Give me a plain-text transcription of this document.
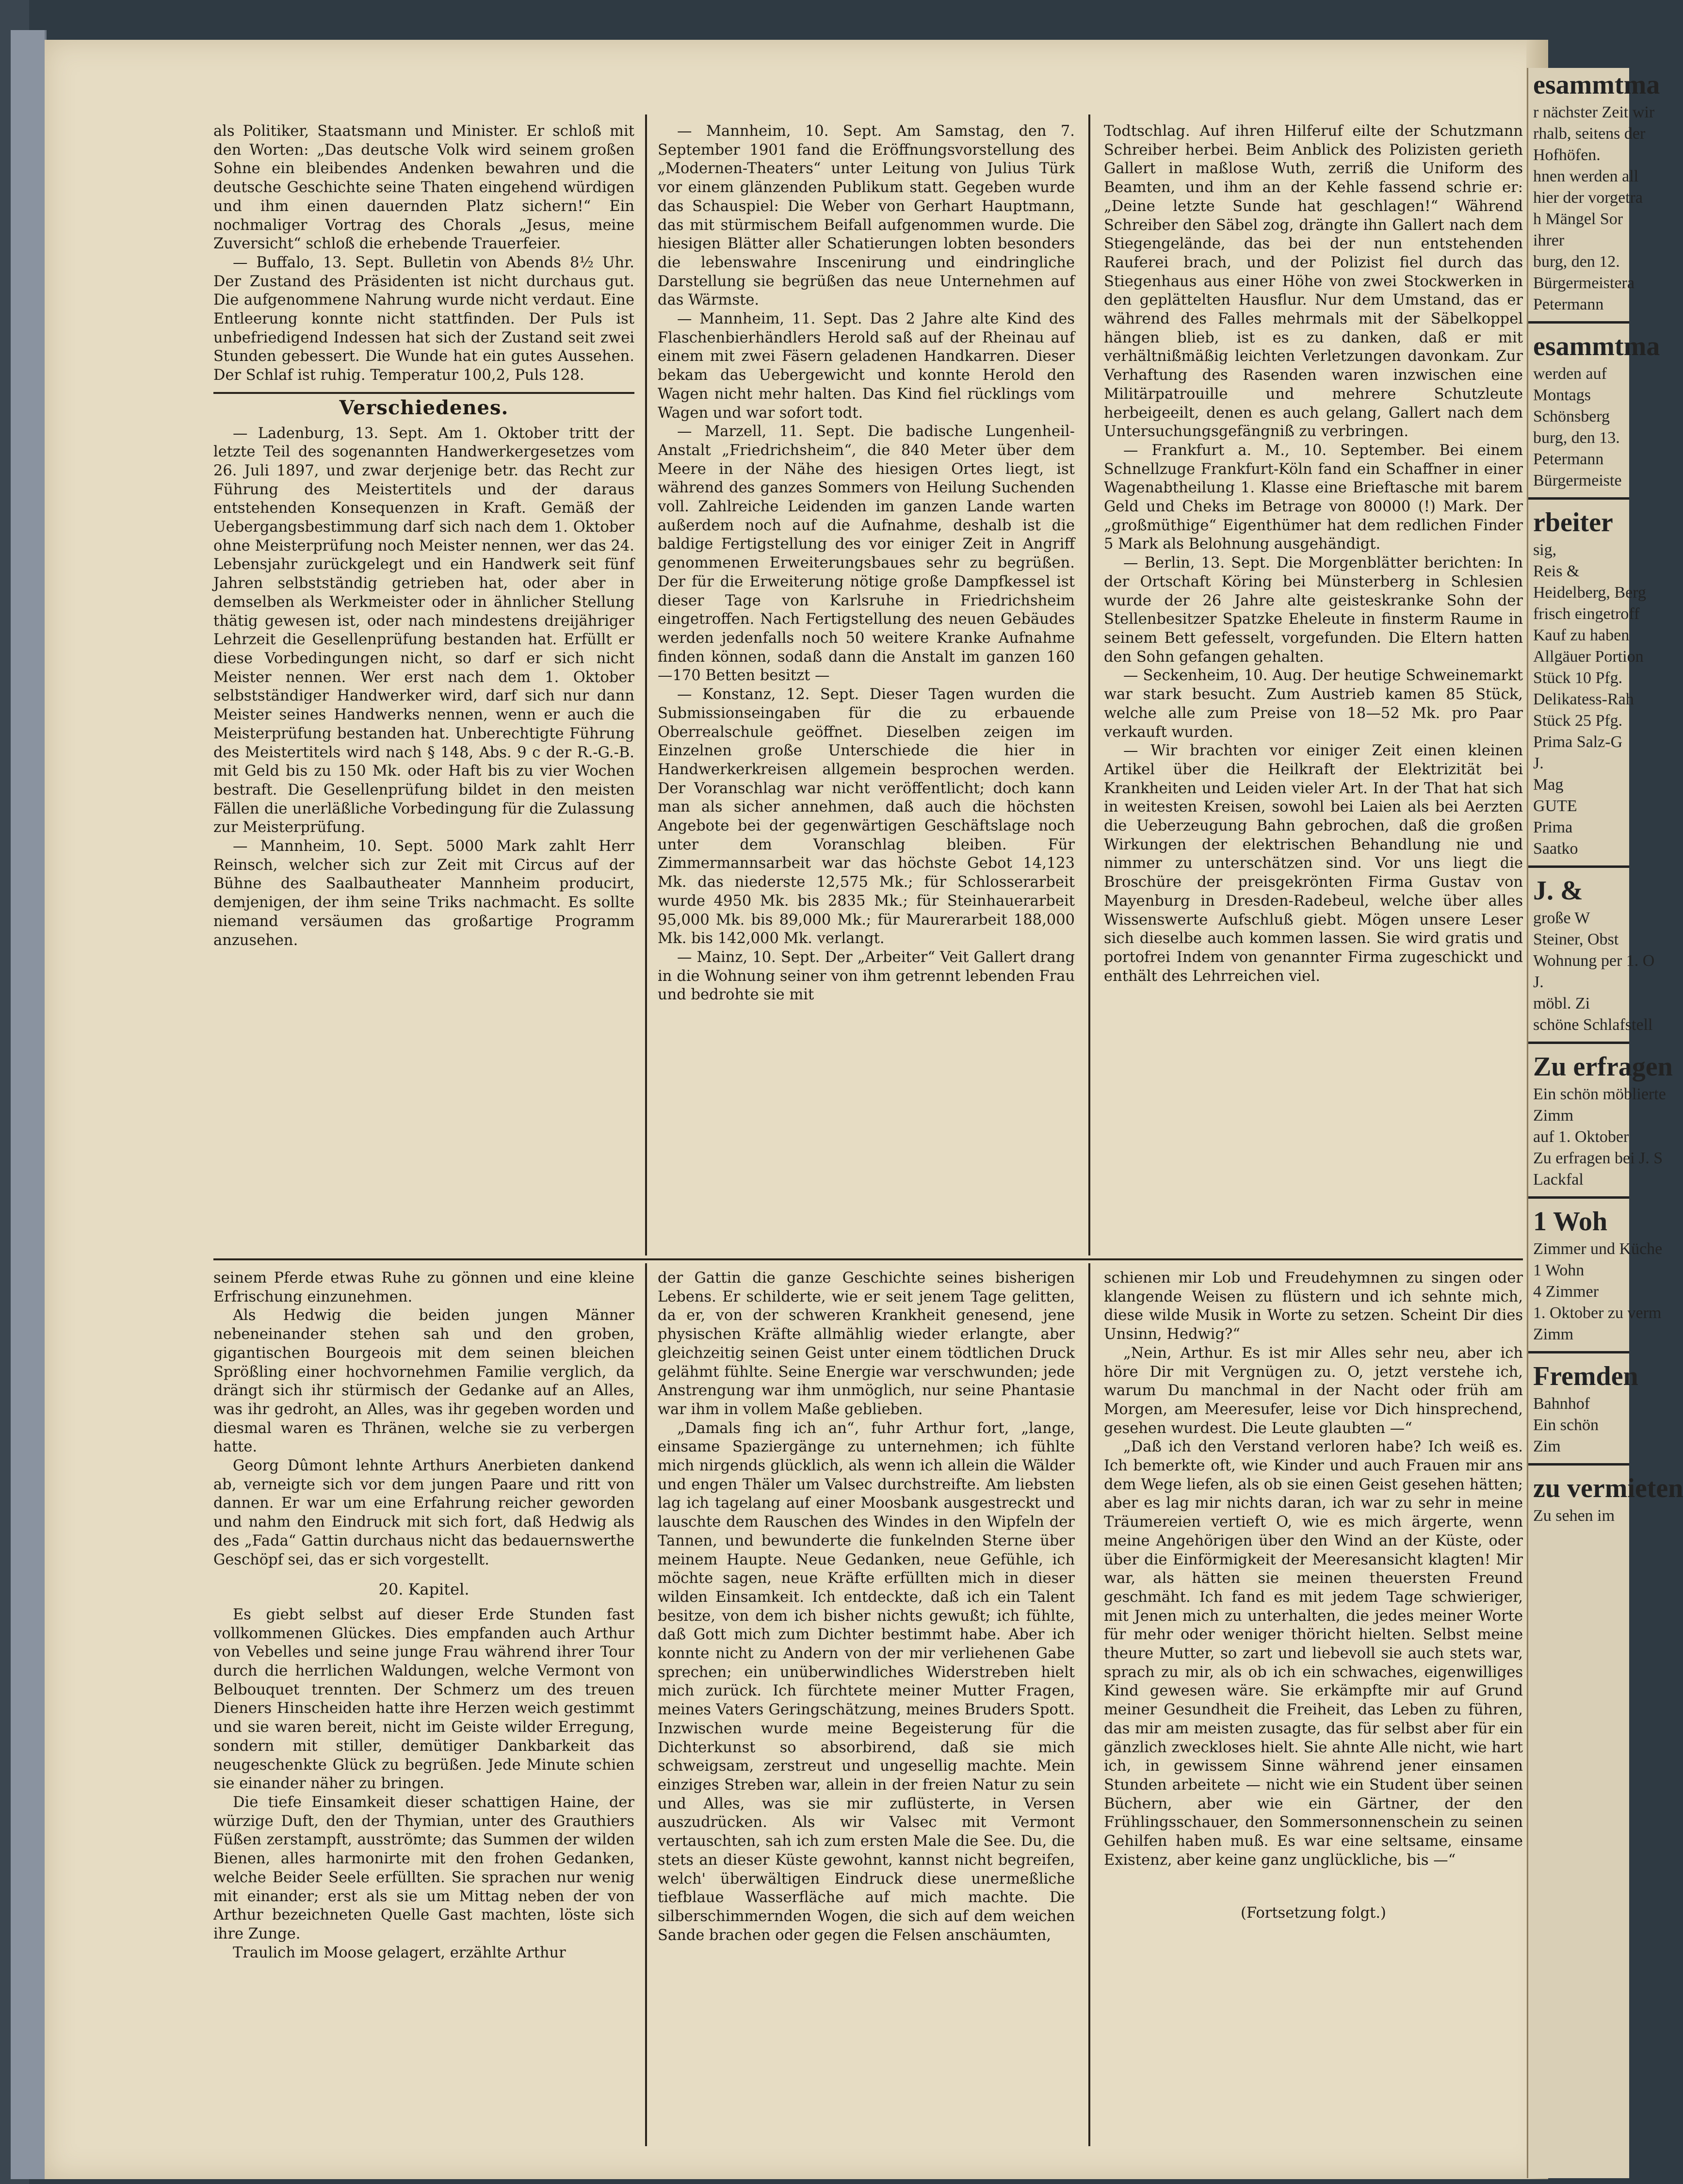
als Politiker, Staatsmann und Minister. Er schloß mit den Worten: „Das deutsche Volk wird seinem großen Sohne ein bleibendes Andenken bewahren und die deutsche Geschichte seine Thaten eingehend würdigen und ihm einen dauernden Platz sichern!“ Ein nochmaliger Vortrag des Chorals „Jesus, meine Zuversicht“ schloß die erhebende Trauerfeier.

— Buffalo, 13. Sept. Bulletin von Abends 8½ Uhr. Der Zustand des Präsidenten ist nicht durchaus gut. Die aufgenommene Nahrung wurde nicht verdaut. Eine Entleerung konnte nicht stattfinden. Der Puls ist unbefriedigend Indessen hat sich der Zustand seit zwei Stunden gebessert. Die Wunde hat ein gutes Aussehen. Der Schlaf ist ruhig. Temperatur 100,2, Puls 128.

Verschiedenes.

— Ladenburg, 13. Sept. Am 1. Oktober tritt der letzte Teil des sogenannten Handwerkergesetzes vom 26. Juli 1897, und zwar derjenige betr. das Recht zur Führung des Meistertitels und der daraus entstehenden Konsequenzen in Kraft. Gemäß der Uebergangsbestimmung darf sich nach dem 1. Oktober ohne Meisterprüfung noch Meister nennen, wer das 24. Lebensjahr zurückgelegt und ein Handwerk seit fünf Jahren selbstständig getrieben hat, oder aber in demselben als Werkmeister oder in ähnlicher Stellung thätig gewesen ist, oder nach mindestens dreijähriger Lehrzeit die Gesellenprüfung bestanden hat. Erfüllt er diese Vorbedingungen nicht, so darf er sich nicht Meister nennen. Wer erst nach dem 1. Oktober selbstständiger Handwerker wird, darf sich nur dann Meister seines Handwerks nennen, wenn er auch die Meisterprüfung bestanden hat. Unberechtigte Führung des Meistertitels wird nach § 148, Abs. 9 c der R.-G.-B. mit Geld bis zu 150 Mk. oder Haft bis zu vier Wochen bestraft. Die Gesellenprüfung bildet in den meisten Fällen die unerläßliche Vorbedingung für die Zulassung zur Meisterprüfung.

— Mannheim, 10. Sept. 5000 Mark zahlt Herr Reinsch, welcher sich zur Zeit mit Circus auf der Bühne des Saalbautheater Mannheim producirt, demjenigen, der ihm seine Triks nachmacht. Es sollte niemand versäumen das großartige Programm anzusehen.

— Mannheim, 10. Sept. Am Samstag, den 7. September 1901 fand die Eröffnungsvorstellung des „Modernen-Theaters“ unter Leitung von Julius Türk vor einem glänzenden Publikum statt. Gegeben wurde das Schauspiel: Die Weber von Gerhart Hauptmann, das mit stürmischem Beifall aufgenommen wurde. Die hiesigen Blätter aller Schatierungen lobten besonders die lebenswahre Inscenirung und eindringliche Darstellung sie begrüßen das neue Unternehmen auf das Wärmste.

— Mannheim, 11. Sept. Das 2 Jahre alte Kind des Flaschenbierhändlers Herold saß auf der Rheinau auf einem mit zwei Fäsern geladenen Handkarren. Dieser bekam das Uebergewicht und konnte Herold den Wagen nicht mehr halten. Das Kind fiel rücklings vom Wagen und war sofort todt.

— Marzell, 11. Sept. Die badische Lungenheil-Anstalt „Friedrichsheim“, die 840 Meter über dem Meere in der Nähe des hiesigen Ortes liegt, ist während des ganzes Sommers von Heilung Suchenden voll. Zahlreiche Leidenden im ganzen Lande warten außerdem noch auf die Aufnahme, deshalb ist die baldige Fertigstellung des vor einiger Zeit in Angriff genommenen Erweiterungsbaues sehr zu begrüßen. Der für die Erweiterung nötige große Dampfkessel ist dieser Tage von Karlsruhe in Friedrichsheim eingetroffen. Nach Fertigstellung des neuen Gebäudes werden jedenfalls noch 50 weitere Kranke Aufnahme finden können, sodaß dann die Anstalt im ganzen 160—170 Betten besitzt —

— Konstanz, 12. Sept. Dieser Tagen wurden die Submissionseingaben für die zu erbauende Oberrealschule geöffnet. Dieselben zeigen im Einzelnen große Unterschiede die hier in Handwerkerkreisen allgemein besprochen werden. Der Voranschlag war nicht veröffentlicht; doch kann man als sicher annehmen, daß auch die höchsten Angebote bei der gegenwärtigen Geschäftslage noch unter dem Voranschlag bleiben. Für Zimmermannsarbeit war das höchste Gebot 14,123 Mk. das niederste 12,575 Mk.; für Schlosserarbeit wurde 4950 Mk. bis 2835 Mk.; für Steinhauerarbeit 95,000 Mk. bis 89,000 Mk.; für Maurerarbeit 188,000 Mk. bis 142,000 Mk. verlangt.

— Mainz, 10. Sept. Der „Arbeiter“ Veit Gallert drang in die Wohnung seiner von ihm getrennt lebenden Frau und bedrohte sie mit

Todtschlag. Auf ihren Hilferuf eilte der Schutzmann Schreiber herbei. Beim Anblick des Polizisten gerieth Gallert in maßlose Wuth, zerriß die Uniform des Beamten, und ihm an der Kehle fassend schrie er: „Deine letzte Sunde hat geschlagen!“ Während Schreiber den Säbel zog, drängte ihn Gallert nach dem Stiegengelände, das bei der nun entstehenden Rauferei brach, und der Polizist fiel durch das Stiegenhaus aus einer Höhe von zwei Stockwerken in den geplättelten Hausflur. Nur dem Umstand, das er während des Falles mehrmals mit der Säbelkoppel hängen blieb, ist es zu danken, daß er mit verhältnißmäßig leichten Verletzungen davonkam. Zur Verhaftung des Rasenden waren inzwischen eine Militärpatrouille und mehrere Schutzleute herbeigeeilt, denen es auch gelang, Gallert nach dem Untersuchungsgefängniß zu verbringen.

— Frankfurt a. M., 10. September. Bei einem Schnellzuge Frankfurt-Köln fand ein Schaffner in einer Wagenabtheilung 1. Klasse eine Brieftasche mit barem Geld und Cheks im Betrage von 80000 (!) Mark. Der „großmüthige“ Eigenthümer hat dem redlichen Finder 5 Mark als Belohnung ausgehändigt.

— Berlin, 13. Sept. Die Morgenblätter berichten: In der Ortschaft Köring bei Münsterberg in Schlesien wurde der 26 Jahre alte geisteskranke Sohn der Stellenbesitzer Spatzke Eheleute in finsterm Raume in seinem Bett gefesselt, vorgefunden. Die Eltern hatten den Sohn gefangen gehalten.

— Seckenheim, 10. Aug. Der heutige Schweinemarkt war stark besucht. Zum Austrieb kamen 85 Stück, welche alle zum Preise von 18—52 Mk. pro Paar verkauft wurden.

— Wir brachten vor einiger Zeit einen kleinen Artikel über die Heilkraft der Elektrizität bei Krankheiten und Leiden vieler Art. In der That hat sich in weitesten Kreisen, sowohl bei Laien als bei Aerzten die Ueberzeugung Bahn gebrochen, daß die großen Wirkungen der elektrischen Behandlung nie und nimmer zu unterschätzen sind. Vor uns liegt die Broschüre der preisgekrönten Firma Gustav von Mayenburg in Dresden-Radebeul, welche über alles Wissenswerte Aufschluß giebt. Mögen unsere Leser sich dieselbe auch kommen lassen. Sie wird gratis und portofrei Indem von genannter Firma zugeschickt und enthält des Lehrreichen viel.

seinem Pferde etwas Ruhe zu gönnen und eine kleine Erfrischung einzunehmen.

Als Hedwig die beiden jungen Männer nebeneinander stehen sah und den groben, gigantischen Bourgeois mit dem seinen bleichen Sprößling einer hochvornehmen Familie verglich, da drängt sich ihr stürmisch der Gedanke auf an Alles, was ihr gedroht, an Alles, was ihr gegeben worden und diesmal waren es Thränen, welche sie zu verbergen hatte.

Georg Dûmont lehnte Arthurs Anerbieten dankend ab, verneigte sich vor dem jungen Paare und ritt von dannen. Er war um eine Erfahrung reicher geworden und nahm den Eindruck mit sich fort, daß Hedwig als des „Fada“ Gattin durchaus nicht das bedauernswerthe Geschöpf sei, das er sich vorgestellt.

20. Kapitel.

Es giebt selbst auf dieser Erde Stunden fast vollkommenen Glückes. Dies empfanden auch Arthur von Vebelles und seine junge Frau während ihrer Tour durch die herrlichen Waldungen, welche Vermont von Belbouquet trennten. Der Schmerz um des treuen Dieners Hinscheiden hatte ihre Herzen weich gestimmt und sie waren bereit, nicht im Geiste wilder Erregung, sondern mit stiller, demütiger Dankbarkeit das neugeschenkte Glück zu begrüßen. Jede Minute schien sie einander näher zu bringen.

Die tiefe Einsamkeit dieser schattigen Haine, der würzige Duft, den der Thymian, unter des Grauthiers Füßen zerstampft, ausströmte; das Summen der wilden Bienen, alles harmonirte mit den frohen Gedanken, welche Beider Seele erfüllten. Sie sprachen nur wenig mit einander; erst als sie um Mittag neben der von Arthur bezeichneten Quelle Gast machten, löste sich ihre Zunge.

Traulich im Moose gelagert, erzählte Arthur

der Gattin die ganze Geschichte seines bisherigen Lebens. Er schilderte, wie er seit jenem Tage gelitten, da er, von der schweren Krankheit genesend, jene physischen Kräfte allmählig wieder erlangte, aber gleichzeitig seinen Geist unter einem tödtlichen Druck gelähmt fühlte. Seine Energie war verschwunden; jede Anstrengung war ihm unmöglich, nur seine Phantasie war ihm in vollem Maße geblieben.

„Damals fing ich an“, fuhr Arthur fort, „lange, einsame Spaziergänge zu unternehmen; ich fühlte mich nirgends glücklich, als wenn ich allein die Wälder und engen Thäler um Valsec durchstreifte. Am liebsten lag ich tagelang auf einer Moosbank ausgestreckt und lauschte dem Rauschen des Windes in den Wipfeln der Tannen, und bewunderte die funkelnden Sterne über meinem Haupte. Neue Gedanken, neue Gefühle, ich möchte sagen, neue Kräfte erfüllten mich in dieser wilden Einsamkeit. Ich entdeckte, daß ich ein Talent besitze, von dem ich bisher nichts gewußt; ich fühlte, daß Gott mich zum Dichter bestimmt habe. Aber ich konnte nicht zu Andern von der mir verliehenen Gabe sprechen; ein unüberwindliches Widerstreben hielt mich zurück. Ich fürchtete meiner Mutter Fragen, meines Vaters Geringschätzung, meines Bruders Spott. Inzwischen wurde meine Begeisterung für die Dichterkunst so absorbirend, daß sie mich schweigsam, zerstreut und ungesellig machte. Mein einziges Streben war, allein in der freien Natur zu sein und Alles, was sie mir zuflüsterte, in Versen auszudrücken. Als wir Valsec mit Vermont vertauschten, sah ich zum ersten Male die See. Du, die stets an dieser Küste gewohnt, kannst nicht begreifen, welch' überwältigen Eindruck diese unermeßliche tiefblaue Wasserfläche auf mich machte. Die silberschimmernden Wogen, die sich auf dem weichen Sande brachen oder gegen die Felsen anschäumten,

schienen mir Lob und Freudehymnen zu singen oder klangende Weisen zu flüstern und ich sehnte mich, diese wilde Musik in Worte zu setzen. Scheint Dir dies Unsinn, Hedwig?“

„Nein, Arthur. Es ist mir Alles sehr neu, aber ich höre Dir mit Vergnügen zu. O, jetzt verstehe ich, warum Du manchmal in der Nacht oder früh am Morgen, am Meeresufer, leise vor Dich hinsprechend, gesehen wurdest. Die Leute glaubten —“

„Daß ich den Verstand verloren habe? Ich weiß es. Ich bemerkte oft, wie Kinder und auch Frauen mir ans dem Wege liefen, als ob sie einen Geist gesehen hätten; aber es lag mir nichts daran, ich war zu sehr in meine Träumereien vertieft O, wie es mich ärgerte, wenn meine Angehörigen über den Wind an der Küste, oder über die Einförmigkeit der Meeresansicht klagten! Mir war, als hätten sie meinen theuersten Freund geschmäht. Ich fand es mit jedem Tage schwieriger, mit Jenen mich zu unterhalten, die jedes meiner Worte für mehr oder weniger thöricht hielten. Selbst meine theure Mutter, so zart und liebevoll sie auch stets war, sprach zu mir, als ob ich ein schwaches, eigenwilliges Kind gewesen wäre. Sie erkämpfte mir auf Grund meiner Gesundheit die Freiheit, das Leben zu führen, das mir am meisten zusagte, das für selbst aber für ein gänzlich zweckloses hielt. Sie ahnte Alle nicht, wie hart ich, in gewissem Sinne während jener einsamen Stunden arbeitete — nicht wie ein Student über seinen Büchern, aber wie ein Gärtner, der den Frühlingsschauer, den Sommersonnenschein zu seinen Gehilfen haben muß. Es war eine seltsame, einsame Existenz, aber keine ganz unglückliche, bis —“

(Fortsetzung folgt.)

esammtma
r nächster Zeit wir
rhalb, seitens der
Hofhöfen.
hnen werden all
hier der vorgetra
h Mängel Sor
ihrer
burg, den 12.
Bürgermeistera
Petermann
esammtma
werden auf
Montags
Schönsberg
burg, den 13.
Petermann
Bürgermeiste
rbeiter
sig,
Reis &
Heidelberg, Berg
frisch eingetroff
Kauf zu haben
Allgäuer Portion
Stück 10 Pfg.
Delikatess-Rah
Stück 25 Pfg.
Prima Salz-G
J.
Mag
GUTE
Prima
Saatko
J. &
große W
Steiner, Obst
Wohnung per 1. O
J.
möbl. Zi
schöne Schlafstell
Zu erfragen
Ein schön möblierte
Zimm
auf 1. Oktober
Zu erfragen bei J. S
Lackfal
1 Woh
Zimmer und Küche
1 Wohn
4 Zimmer
1. Oktober zu verm
Zimm
Fremden
Bahnhof
Ein schön
Zim
zu vermieten
Zu sehen im
